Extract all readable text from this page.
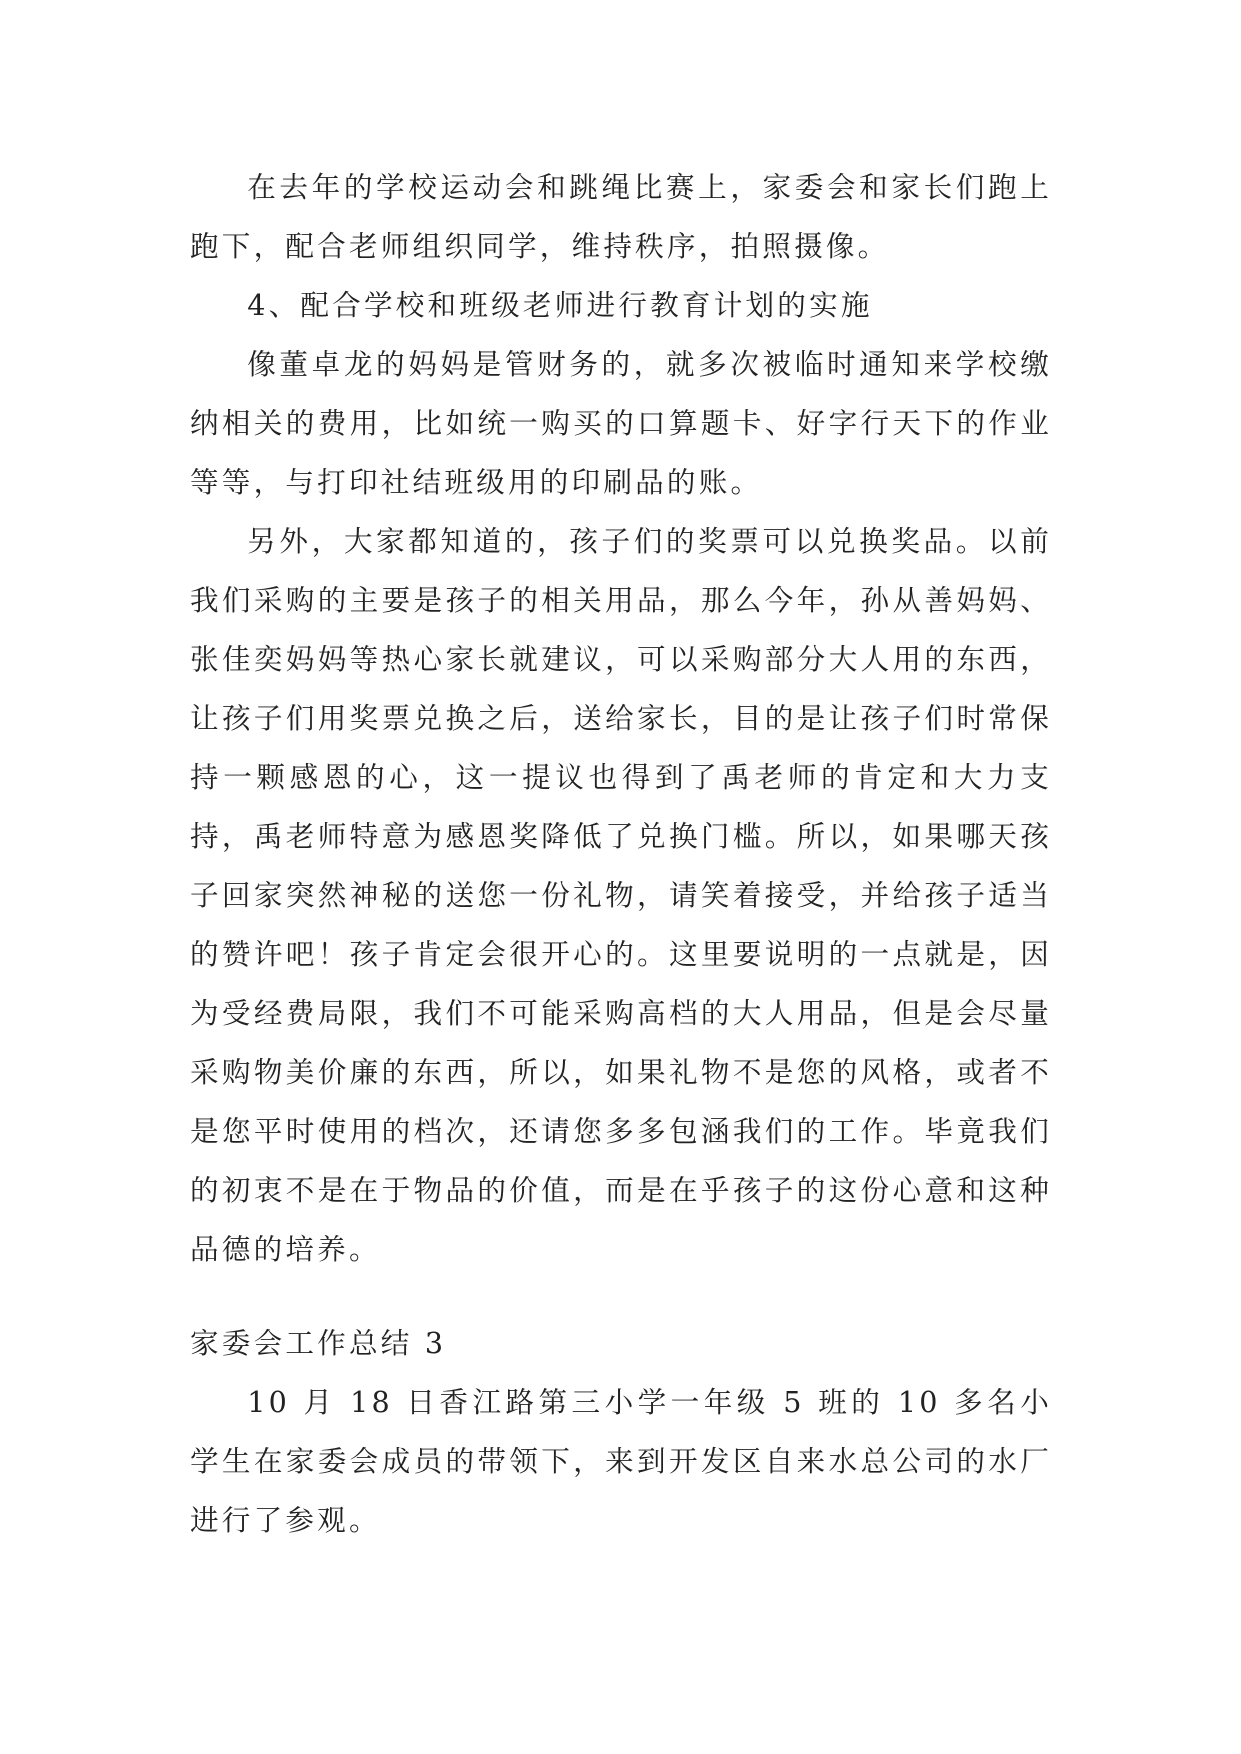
在去年的学校运动会和跳绳比赛上，家委会和家长们跑上跑下，配合老师组织同学，维持秩序，拍照摄像。

4、配合学校和班级老师进行教育计划的实施

像董卓龙的妈妈是管财务的，就多次被临时通知来学校缴纳相关的费用，比如统一购买的口算题卡、好字行天下的作业等等，与打印社结班级用的印刷品的账。

另外，大家都知道的，孩子们的奖票可以兑换奖品。以前我们采购的主要是孩子的相关用品，那么今年，孙从善妈妈、张佳奕妈妈等热心家长就建议，可以采购部分大人用的东西，让孩子们用奖票兑换之后，送给家长，目的是让孩子们时常保持一颗感恩的心，这一提议也得到了禹老师的肯定和大力支持，禹老师特意为感恩奖降低了兑换门槛。所以，如果哪天孩子回家突然神秘的送您一份礼物，请笑着接受，并给孩子适当的赞许吧！孩子肯定会很开心的。这里要说明的一点就是，因为受经费局限，我们不可能采购高档的大人用品，但是会尽量采购物美价廉的东西，所以，如果礼物不是您的风格，或者不是您平时使用的档次，还请您多多包涵我们的工作。毕竟我们的初衷不是在于物品的价值，而是在乎孩子的这份心意和这种品德的培养。

家委会工作总结 3

10 月 18 日香江路第三小学一年级 5 班的 10 多名小学生在家委会成员的带领下，来到开发区自来水总公司的水厂进行了参观。
